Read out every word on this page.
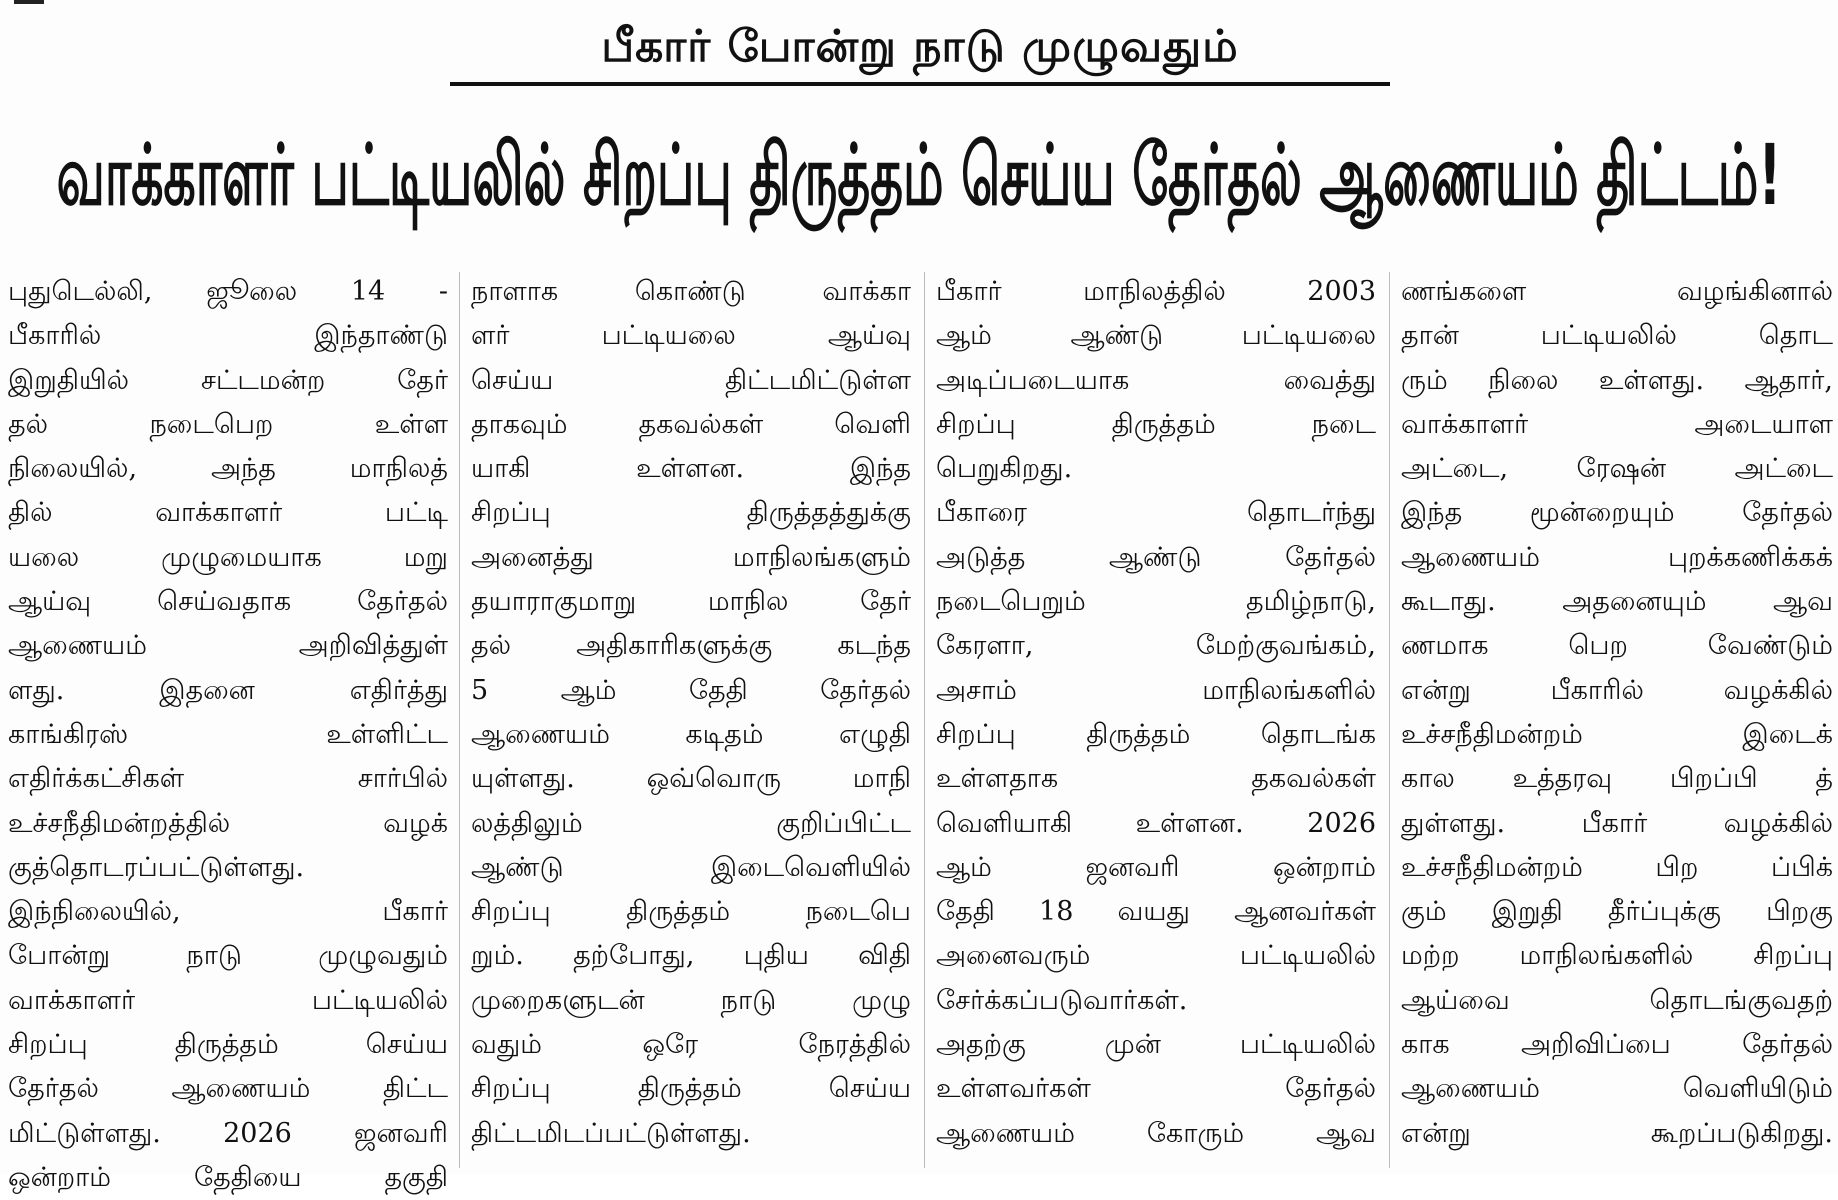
பீகார் போன்று நாடு முழுவதும்
வாக்காளர் பட்டியலில் சிறப்பு திருத்தம் செய்ய தேர்தல் ஆணையம் திட்டம்!
புதுடெல்லி, ஜூலை 14 -
பீகாரில் இந்தாண்டு
இறுதியில் சட்டமன்ற தேர்
தல் நடைபெற உள்ள
நிலையில், அந்த மாநிலத்
தில் வாக்காளர் பட்டி
யலை முழுமையாக மறு
ஆய்வு செய்வதாக தேர்தல்
ஆணையம் அறிவித்துள்
ளது. இதனை எதிர்த்து
காங்கிரஸ் உள்ளிட்ட
எதிர்க்கட்சிகள் சார்பில்
உச்சநீதிமன்றத்தில் வழக்
குத்தொடரப்பட்டுள்ளது.
இந்நிலையில், பீகார்
போன்று நாடு முழுவதும்
வாக்காளர் பட்டியலில்
சிறப்பு திருத்தம் செய்ய
தேர்தல் ஆணையம் திட்ட
மிட்டுள்ளது. 2026 ஜனவரி
ஒன்றாம் தேதியை தகுதி
நாளாக கொண்டு வாக்கா
ளர் பட்டியலை ஆய்வு
செய்ய திட்டமிட்டுள்ள
தாகவும் தகவல்கள் வெளி
யாகி உள்ளன. இந்த
சிறப்பு திருத்தத்துக்கு
அனைத்து மாநிலங்களும்
தயாராகுமாறு மாநில தேர்
தல் அதிகாரிகளுக்கு கடந்த
5 ஆம் தேதி தேர்தல்
ஆணையம் கடிதம் எழுதி
யுள்ளது. ஒவ்வொரு மாநி
லத்திலும் குறிப்பிட்ட
ஆண்டு இடைவெளியில்
சிறப்பு திருத்தம் நடைபெ
றும். தற்போது, புதிய விதி
முறைகளுடன் நாடு முழு
வதும் ஒரே நேரத்தில்
சிறப்பு திருத்தம் செய்ய
திட்டமிடப்பட்டுள்ளது.
பீகார் மாநிலத்தில் 2003
ஆம் ஆண்டு பட்டியலை
அடிப்படையாக வைத்து
சிறப்பு திருத்தம் நடை
பெறுகிறது.
பீகாரை தொடர்ந்து
அடுத்த ஆண்டு தேர்தல்
நடைபெறும் தமிழ்நாடு,
கேரளா, மேற்குவங்கம்,
அசாம் மாநிலங்களில்
சிறப்பு திருத்தம் தொடங்க
உள்ளதாக தகவல்கள்
வெளியாகி உள்ளன. 2026
ஆம் ஜனவரி ஒன்றாம்
தேதி 18 வயது ஆனவர்கள்
அனைவரும் பட்டியலில்
சேர்க்கப்படுவார்கள்.
அதற்கு முன் பட்டியலில்
உள்ளவர்கள் தேர்தல்
ஆணையம் கோரும் ஆவ
ணங்களை வழங்கினால்
தான் பட்டியலில் தொட
ரும் நிலை உள்ளது. ஆதார்,
வாக்காளர் அடையாள
அட்டை, ரேஷன் அட்டை
இந்த மூன்றையும் தேர்தல்
ஆணையம் புறக்கணிக்கக்
கூடாது. அதனையும் ஆவ
ணமாக பெற வேண்டும்
என்று பீகாரில் வழக்கில்
உச்சநீதிமன்றம் இடைக்
கால உத்தரவு பிறப்பி த்
துள்ளது. பீகார் வழக்கில்
உச்சநீதிமன்றம் பிற ப்பிக்
கும் இறுதி தீர்ப்புக்கு பிறகு
மற்ற மாநிலங்களில் சிறப்பு
ஆய்வை தொடங்குவதற்
காக அறிவிப்பை தேர்தல்
ஆணையம் வெளியிடும்
என்று கூறப்படுகிறது.
